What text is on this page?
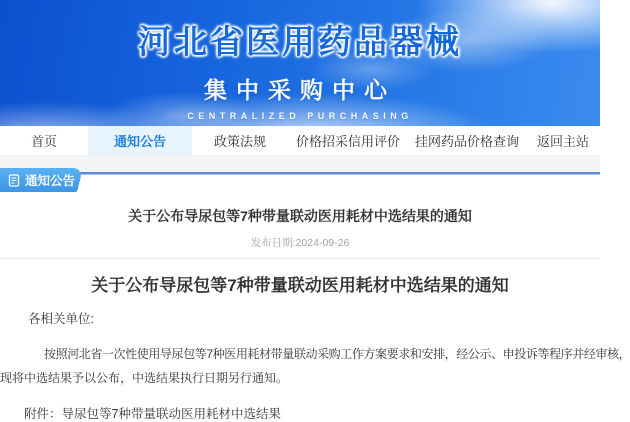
河北省医用药品器械
集中采购中心
CENTRALIZED PURCHASING
首页	通知公告	政策法规	价格招采信用评价	挂网药品价格查询	返回主站
通知公告
关于公布导尿包等7种带量联动医用耗材中选结果的通知
发布日期:2024-09-26
关于公布导尿包等7种带量联动医用耗材中选结果的通知
各相关单位:
按照河北省一次性使用导尿包等7种医用耗材带量联动采购工作方案要求和安排，经公示、申投诉等程序并经审核，
现将中选结果予以公布，中选结果执行日期另行通知。
附件：导尿包等7种带量联动医用耗材中选结果
